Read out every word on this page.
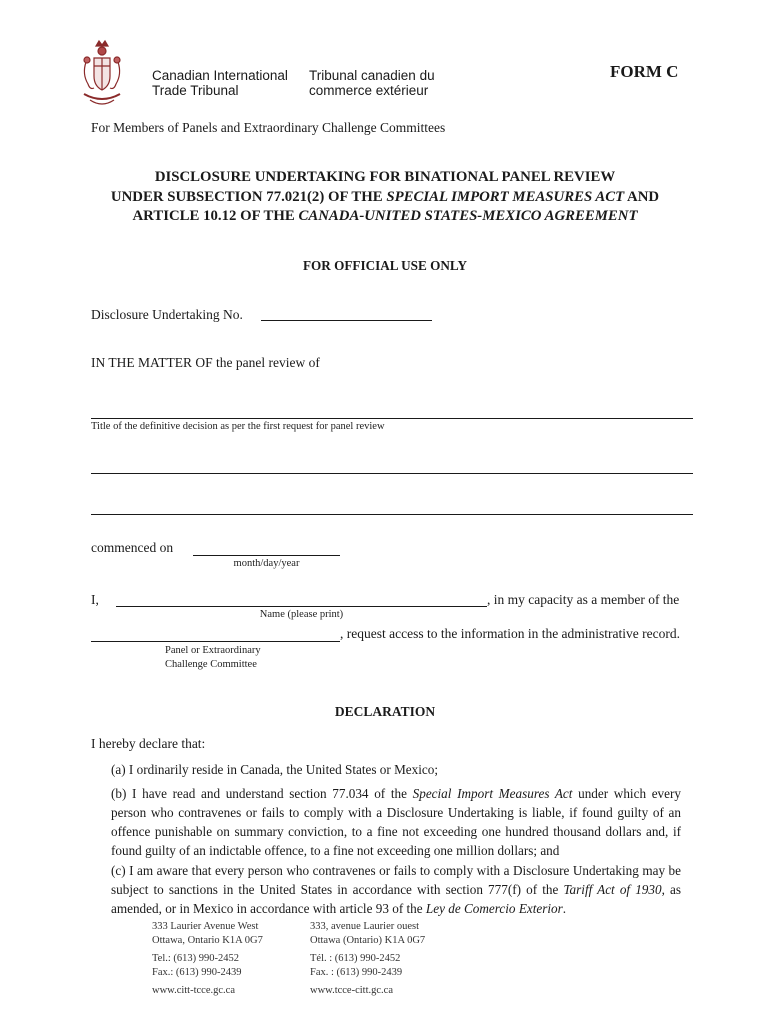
Canadian International
Trade Tribunal
Tribunal canadien du
commerce extérieur
FORM C
For Members of Panels and Extraordinary Challenge Committees
DISCLOSURE UNDERTAKING FOR BINATIONAL PANEL REVIEW
UNDER SUBSECTION 77.021(2) OF THE SPECIAL IMPORT MEASURES ACT AND
ARTICLE 10.12 OF THE CANADA-UNITED STATES-MEXICO AGREEMENT
FOR OFFICIAL USE ONLY
Disclosure Undertaking No.
IN THE MATTER OF the panel review of
Title of the definitive decision as per the first request for panel review
commenced on
month/day/year
I,	, in my capacity as a member of the
Name (please print)
, request access to the information in the administrative record.
Panel or Extraordinary
Challenge Committee
DECLARATION
I hereby declare that:
(a) I ordinarily reside in Canada, the United States or Mexico;
(b) I have read and understand section 77.034 of the Special Import Measures Act under which every person who contravenes or fails to comply with a Disclosure Undertaking is liable, if found guilty of an offence punishable on summary conviction, to a fine not exceeding one hundred thousand dollars and, if found guilty of an indictable offence, to a fine not exceeding one million dollars; and
(c) I am aware that every person who contravenes or fails to comply with a Disclosure Undertaking may be subject to sanctions in the United States in accordance with section 777(f) of the Tariff Act of 1930, as amended, or in Mexico in accordance with article 93 of the Ley de Comercio Exterior.
333 Laurier Avenue West
Ottawa, Ontario K1A 0G7
Tel.: (613) 990-2452
Fax.: (613) 990-2439
www.citt-tcce.gc.ca
333, avenue Laurier ouest
Ottawa (Ontario) K1A 0G7
Tél. : (613) 990-2452
Fax. : (613) 990-2439
www.tcce-citt.gc.ca
